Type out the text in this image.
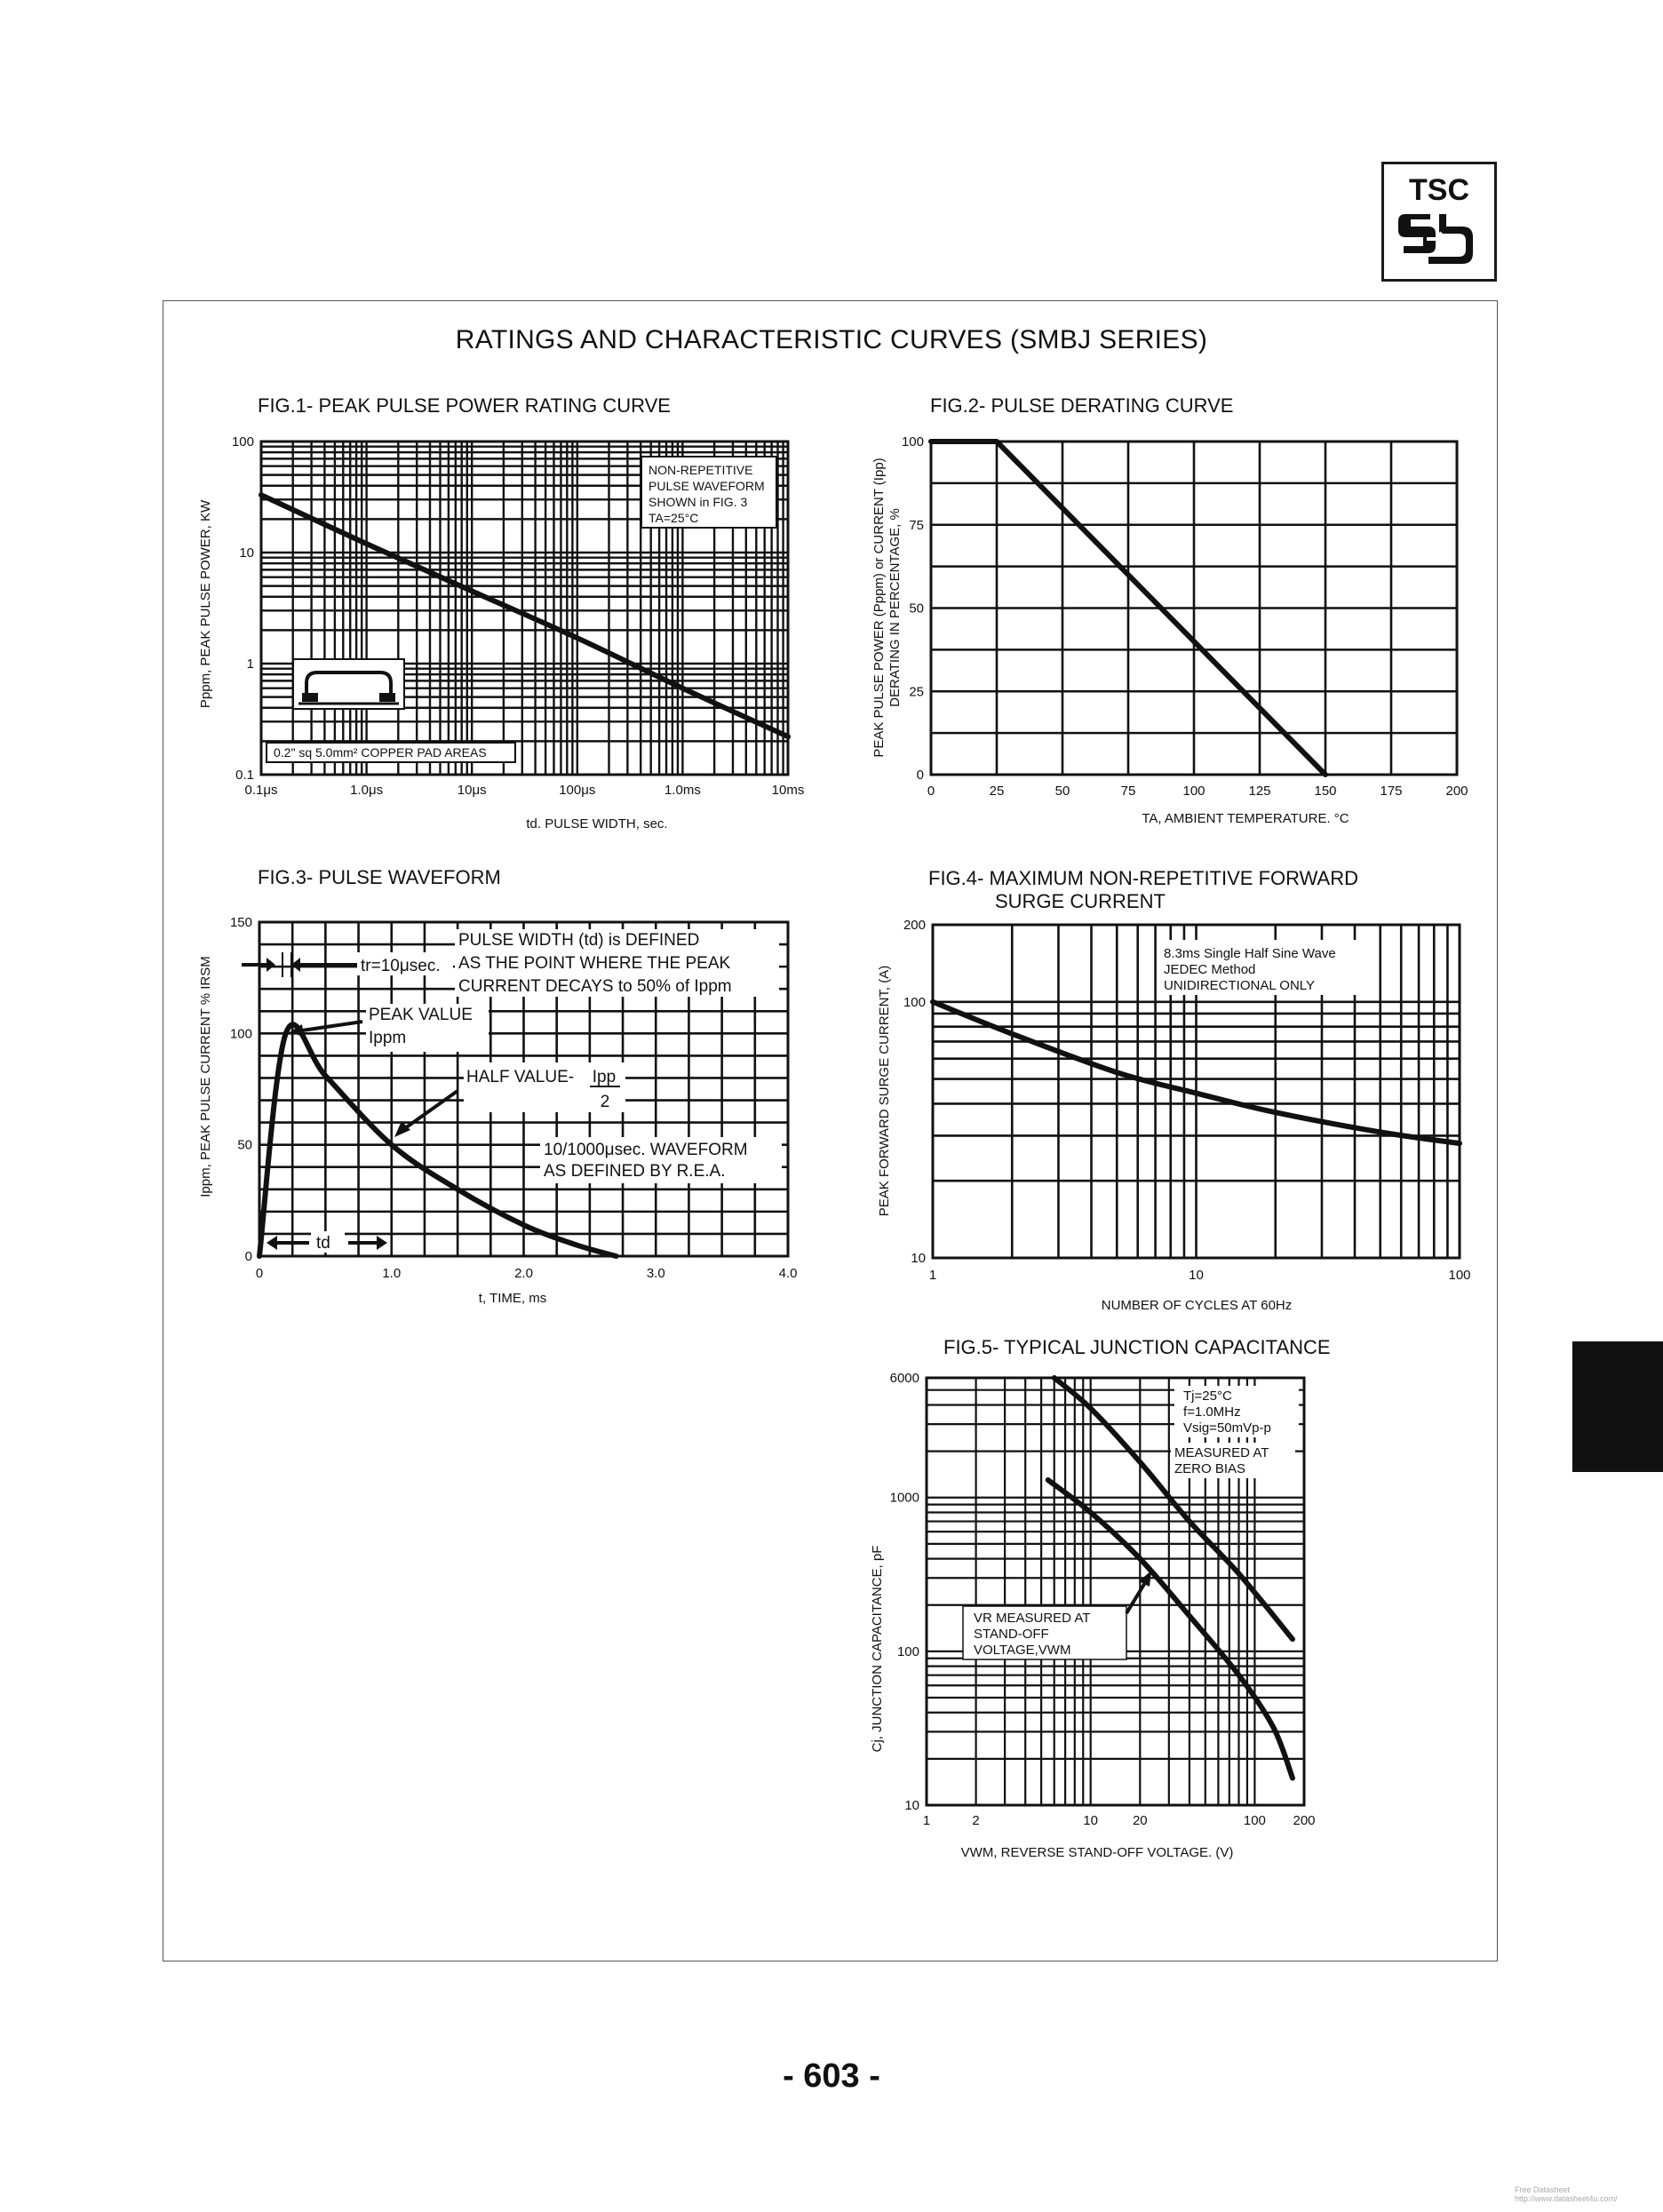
TSC
RATINGS AND CHARACTERISTIC CURVES (SMBJ SERIES)
FIG.1- PEAK PULSE POWER RATING CURVE
0.1μs	1.0μs	10μs	100μs	1.0ms	10ms
0.1
1
10
100
td. PULSE WIDTH, sec.
Pppm, PEAK PULSE POWER, KW
NON-REPETITIVE
PULSE WAVEFORM
SHOWN in FIG. 3
TA=25°C
0.2" sq 5.0mm² COPPER PAD AREAS
FIG.2- PULSE DERATING CURVE
0	25	50	75	100	125	150	175	200
0
25
50
75
100
TA, AMBIENT TEMPERATURE. °C
PEAK PULSE POWER (Pppm) or CURRENT (Ipp) DERATING IN PERCENTAGE, %
FIG.3- PULSE WAVEFORM
0	1.0	2.0	3.0	4.0
0
50
100
150
t, TIME, ms
Ippm, PEAK PULSE CURRENT % IRSM
PULSE WIDTH (td) is DEFINED
AS THE POINT WHERE THE PEAK
CURRENT DECAYS to 50% of Ippm
tr=10μsec.
PEAK VALUE
Ippm
HALF VALUE- Ipp
2
10/1000μsec. WAVEFORM
AS DEFINED BY R.E.A.
td
FIG.4- MAXIMUM NON-REPETITIVE FORWARD
SURGE CURRENT
1	10	100
10
100
200
NUMBER OF CYCLES AT 60Hz
PEAK FORWARD SURGE CURRENT, (A)
8.3ms Single Half Sine Wave
JEDEC Method
UNIDIRECTIONAL ONLY
FIG.5- TYPICAL JUNCTION CAPACITANCE
1	2	10	20	100 200
10
100
1000
6000
VWM, REVERSE STAND-OFF VOLTAGE. (V)
Cj, JUNCTION CAPACITANCE, pF
Tj=25°C
f=1.0MHz
Vsig=50mVp-p
MEASURED AT
ZERO BIAS
VR MEASURED AT
STAND-OFF
VOLTAGE,VWM
- 603 -
Free Datasheet http://www.datasheet4u.com/
